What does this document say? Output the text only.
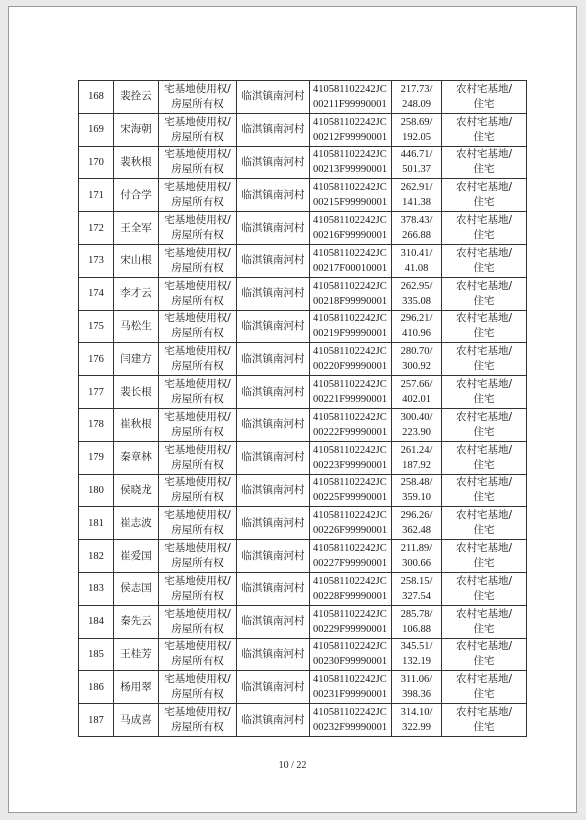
168	裴拴云	宅基地使用权/
房屋所有权	临淇镇南河村	410581102242JC
00211F99990001	217.73/
248.09	农村宅基地/
住宅

169	宋海朝	宅基地使用权/
房屋所有权	临淇镇南河村	410581102242JC
00212F99990001	258.69/
192.05	农村宅基地/
住宅

170	裴秋根	宅基地使用权/
房屋所有权	临淇镇南河村	410581102242JC
00213F99990001	446.71/
501.37	农村宅基地/
住宅

171	付合学	宅基地使用权/
房屋所有权	临淇镇南河村	410581102242JC
00215F99990001	262.91/
141.38	农村宅基地/
住宅

172	王全军	宅基地使用权/
房屋所有权	临淇镇南河村	410581102242JC
00216F99990001	378.43/
266.88	农村宅基地/
住宅

173	宋山根	宅基地使用权/
房屋所有权	临淇镇南河村	410581102242JC
00217F00010001	310.41/
41.08	农村宅基地/
住宅

174	李才云	宅基地使用权/
房屋所有权	临淇镇南河村	410581102242JC
00218F99990001	262.95/
335.08	农村宅基地/
住宅

175	马松生	宅基地使用权/
房屋所有权	临淇镇南河村	410581102242JC
00219F99990001	296.21/
410.96	农村宅基地/
住宅

176	闫建方	宅基地使用权/
房屋所有权	临淇镇南河村	410581102242JC
00220F99990001	280.70/
300.92	农村宅基地/
住宅

177	裴长根	宅基地使用权/
房屋所有权	临淇镇南河村	410581102242JC
00221F99990001	257.66/
402.01	农村宅基地/
住宅

178	崔秋根	宅基地使用权/
房屋所有权	临淇镇南河村	410581102242JC
00222F99990001	300.40/
223.90	农村宅基地/
住宅

179	秦章林	宅基地使用权/
房屋所有权	临淇镇南河村	410581102242JC
00223F99990001	261.24/
187.92	农村宅基地/
住宅

180	侯晓龙	宅基地使用权/
房屋所有权	临淇镇南河村	410581102242JC
00225F99990001	258.48/
359.10	农村宅基地/
住宅

181	崔志波	宅基地使用权/
房屋所有权	临淇镇南河村	410581102242JC
00226F99990001	296.26/
362.48	农村宅基地/
住宅

182	崔爱国	宅基地使用权/
房屋所有权	临淇镇南河村	410581102242JC
00227F99990001	211.89/
300.66	农村宅基地/
住宅

183	侯志国	宅基地使用权/
房屋所有权	临淇镇南河村	410581102242JC
00228F99990001	258.15/
327.54	农村宅基地/
住宅

184	秦先云	宅基地使用权/
房屋所有权	临淇镇南河村	410581102242JC
00229F99990001	285.78/
106.88	农村宅基地/
住宅

185	王桂芳	宅基地使用权/
房屋所有权	临淇镇南河村	410581102242JC
00230F99990001	345.51/
132.19	农村宅基地/
住宅

186	杨用翠	宅基地使用权/
房屋所有权	临淇镇南河村	410581102242JC
00231F99990001	311.06/
398.36	农村宅基地/
住宅

187	马成喜	宅基地使用权/
房屋所有权	临淇镇南河村	410581102242JC
00232F99990001	314.10/
322.99	农村宅基地/
住宅
10 / 22
